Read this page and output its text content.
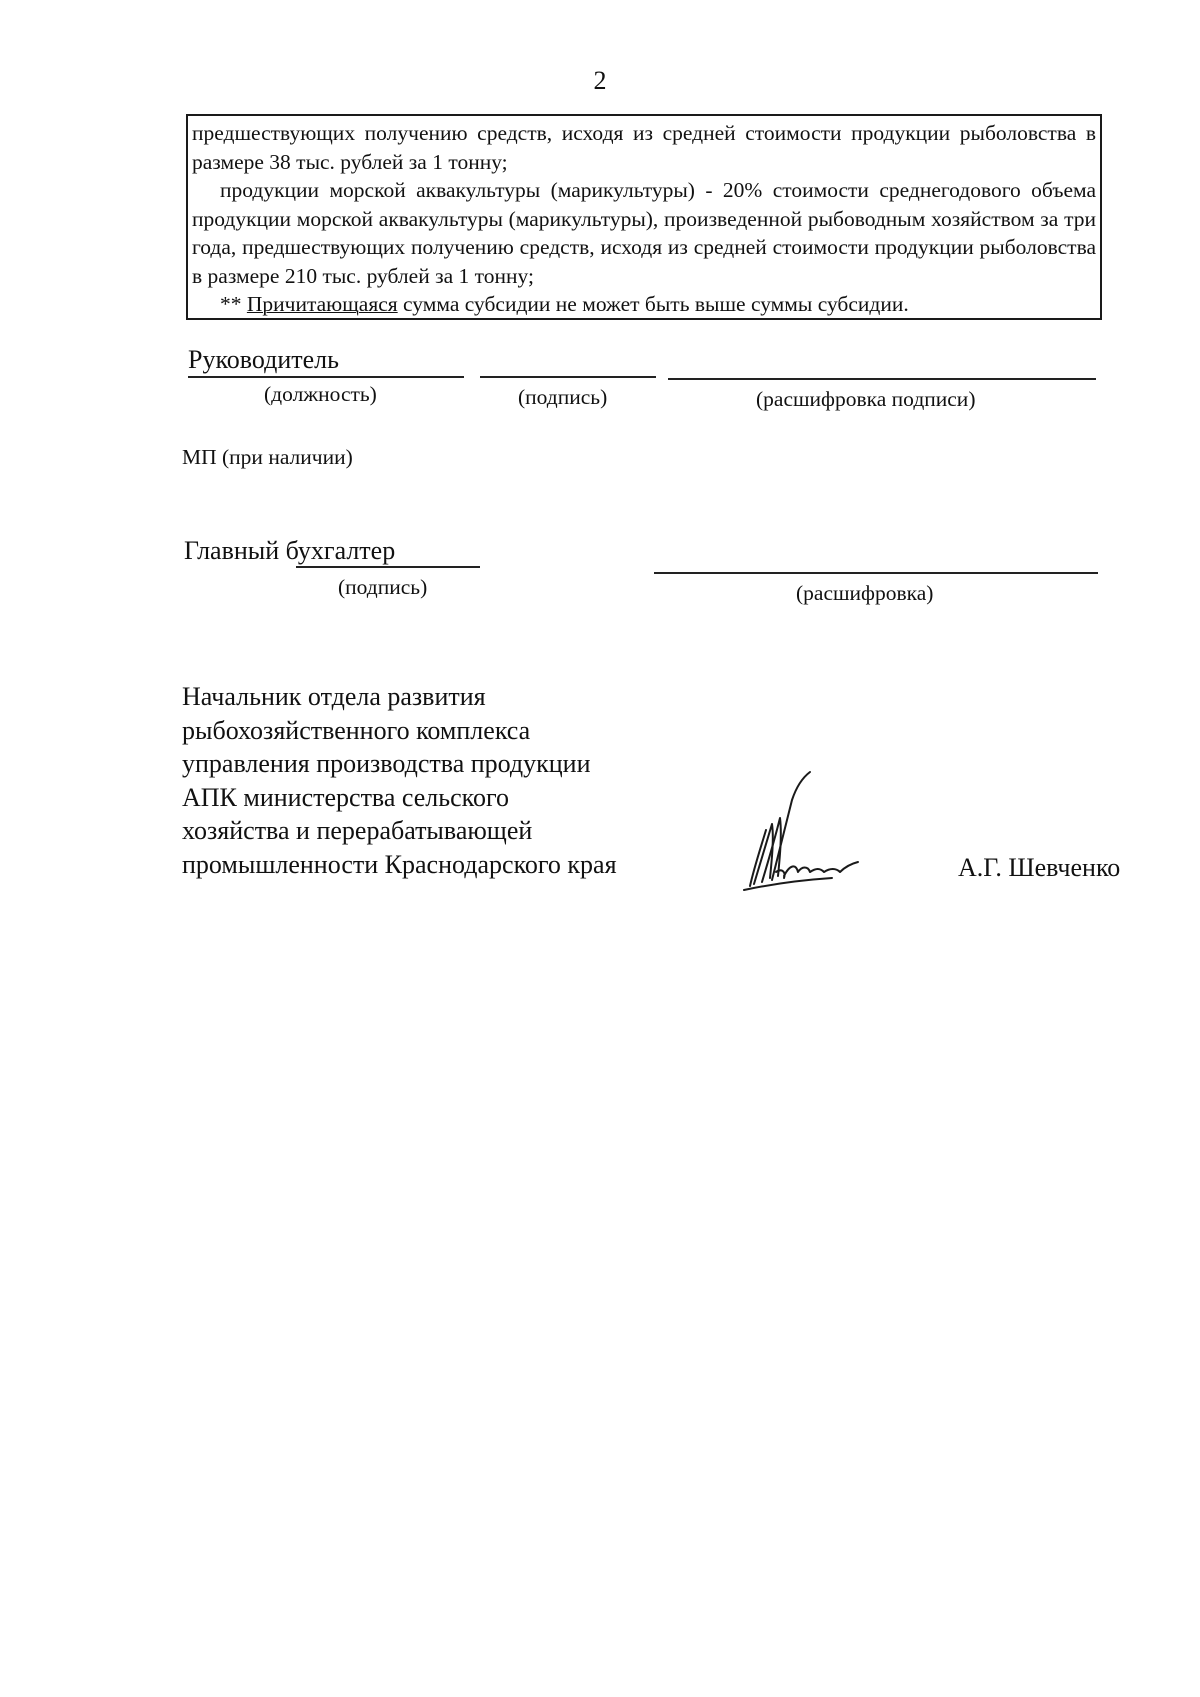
2

предшествующих получению средств, исходя из средней стоимости продукции рыболовства в размере 38 тыс. рублей за 1 тонну;

продукции морской аквакультуры (марикультуры) - 20% стоимости среднегодового объема продукции морской аквакультуры (марикультуры), произведенной рыбоводным хозяйством за три года, предшествующих получению средств, исходя из средней стоимости продукции рыболовства в размере 210 тыс. рублей за 1 тонну;

** Причитающаяся сумма субсидии не может быть выше суммы субсидии.

Руководитель
(должность)	(подпись)	(расшифровка подписи)
МП (при наличии)
Главный бухгалтер
(подпись)	(расшифровка)
Начальник отдела развития
рыбохозяйственного комплекса
управления производства продукции
АПК министерства сельского
хозяйства и перерабатывающей
промышленности Краснодарского края	А.Г. Шевченко
